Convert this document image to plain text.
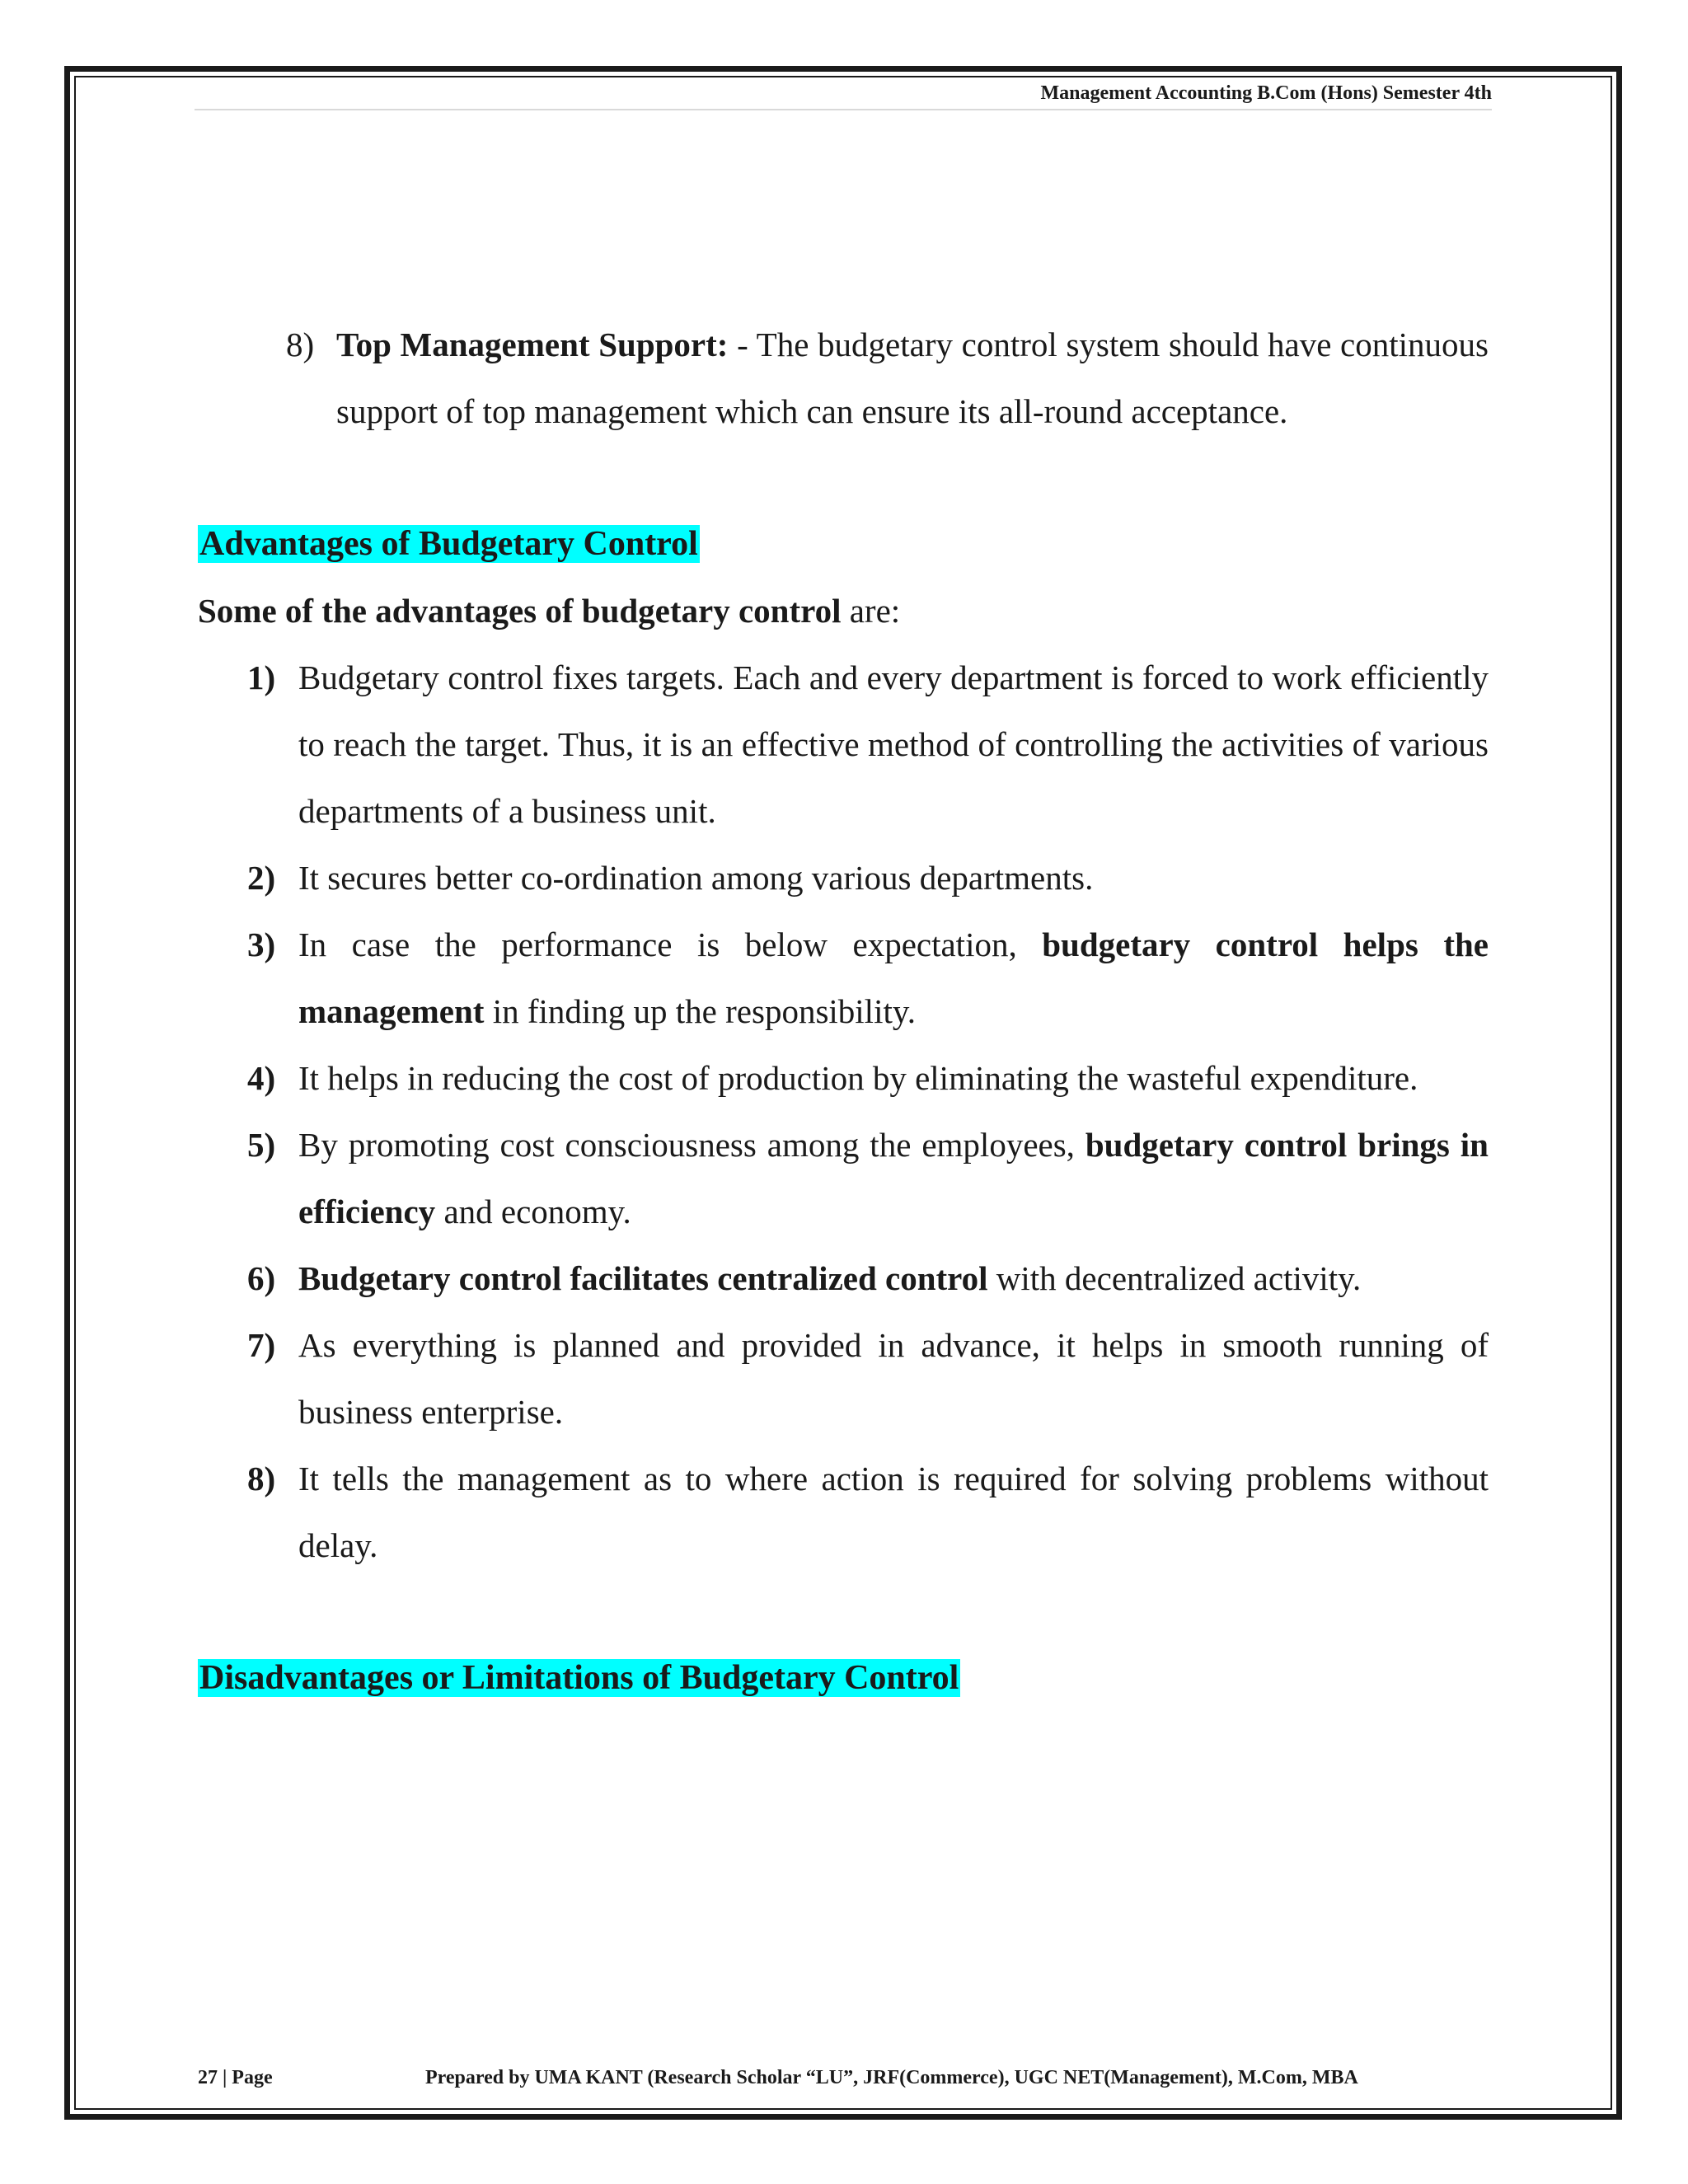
Management Accounting B.Com (Hons) Semester 4th

8) Top Management Support: - The budgetary control system should have continuous support of top management which can ensure its all-round acceptance.

Advantages of Budgetary Control

Some of the advantages of budgetary control are:

1) Budgetary control fixes targets. Each and every department is forced to work efficiently to reach the target. Thus, it is an effective method of controlling the activities of various departments of a business unit.
2) It secures better co-ordination among various departments.
3) In case the performance is below expectation, budgetary control helps the management in finding up the responsibility.
4) It helps in reducing the cost of production by eliminating the wasteful expenditure.
5) By promoting cost consciousness among the employees, budgetary control brings in efficiency and economy.
6) Budgetary control facilitates centralized control with decentralized activity.
7) As everything is planned and provided in advance, it helps in smooth running of business enterprise.
8) It tells the management as to where action is required for solving problems without delay.
Disadvantages or Limitations of Budgetary Control
27 | Page	Prepared by UMA KANT (Research Scholar “LU”, JRF(Commerce), UGC NET(Management), M.Com, MBA
